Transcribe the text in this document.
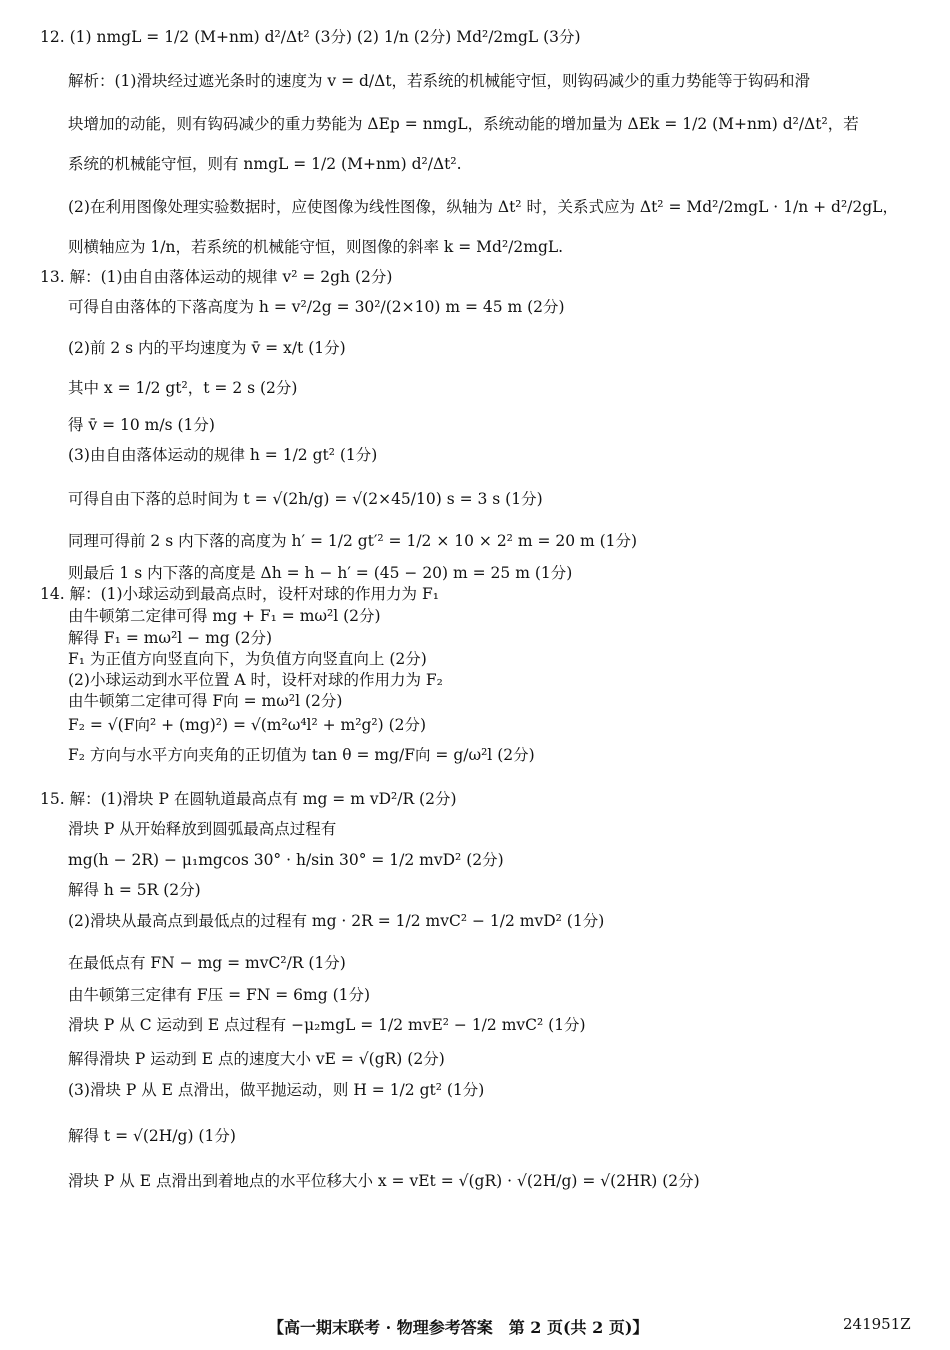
12. (1) nmgL = 1/2 (M+nm) d²/Δt² (3分) (2) 1/n (2分) Md²/2mgL (3分)
解析：(1)滑块经过遮光条时的速度为 v = d/Δt，若系统的机械能守恒，则钩码减少的重力势能等于钩码和滑
块增加的动能，则有钩码减少的重力势能为 ΔEp = nmgL，系统动能的增加量为 ΔEk = 1/2 (M+nm) d²/Δt²，若
系统的机械能守恒，则有 nmgL = 1/2 (M+nm) d²/Δt².
(2)在利用图像处理实验数据时，应使图像为线性图像，纵轴为 Δt² 时，关系式应为 Δt² = Md²/2mgL · 1/n + d²/2gL，
则横轴应为 1/n，若系统的机械能守恒，则图像的斜率 k = Md²/2mgL.
13. 解：(1)由自由落体运动的规律 v² = 2gh (2分)
可得自由落体的下落高度为 h = v²/2g = 30²/(2×10) m = 45 m (2分)
(2)前 2 s 内的平均速度为 v̄ = x/t (1分)
其中 x = 1/2 gt²，t = 2 s (2分)
得 v̄ = 10 m/s (1分)
(3)由自由落体运动的规律 h = 1/2 gt² (1分)
可得自由下落的总时间为 t = √(2h/g) = √(2×45/10) s = 3 s (1分)
同理可得前 2 s 内下落的高度为 h′ = 1/2 gt′² = 1/2 × 10 × 2² m = 20 m (1分)
则最后 1 s 内下落的高度是 Δh = h − h′ = (45 − 20) m = 25 m (1分)
14. 解：(1)小球运动到最高点时，设杆对球的作用力为 F₁
由牛顿第二定律可得 mg + F₁ = mω²l (2分)
解得 F₁ = mω²l − mg (2分)
F₁ 为正值方向竖直向下，为负值方向竖直向上 (2分)
(2)小球运动到水平位置 A 时，设杆对球的作用力为 F₂
由牛顿第二定律可得 F向 = mω²l (2分)
F₂ = √(F向² + (mg)²) = √(m²ω⁴l² + m²g²) (2分)
F₂ 方向与水平方向夹角的正切值为 tan θ = mg/F向 = g/ω²l (2分)
15. 解：(1)滑块 P 在圆轨道最高点有 mg = m vD²/R (2分)
滑块 P 从开始释放到圆弧最高点过程有
mg(h − 2R) − μ₁mgcos 30° · h/sin 30° = 1/2 mvD² (2分)
解得 h = 5R (2分)
(2)滑块从最高点到最低点的过程有 mg · 2R = 1/2 mvC² − 1/2 mvD² (1分)
在最低点有 FN − mg = mvC²/R (1分)
由牛顿第三定律有 F压 = FN = 6mg (1分)
滑块 P 从 C 运动到 E 点过程有 −μ₂mgL = 1/2 mvE² − 1/2 mvC² (1分)
解得滑块 P 运动到 E 点的速度大小 vE = √(gR) (2分)
(3)滑块 P 从 E 点滑出，做平抛运动，则 H = 1/2 gt² (1分)
解得 t = √(2H/g) (1分)
滑块 P 从 E 点滑出到着地点的水平位移大小 x = vEt = √(gR) · √(2H/g) = √(2HR) (2分)
【高一期末联考 · 物理参考答案　第 2 页(共 2 页)】	241951Z
